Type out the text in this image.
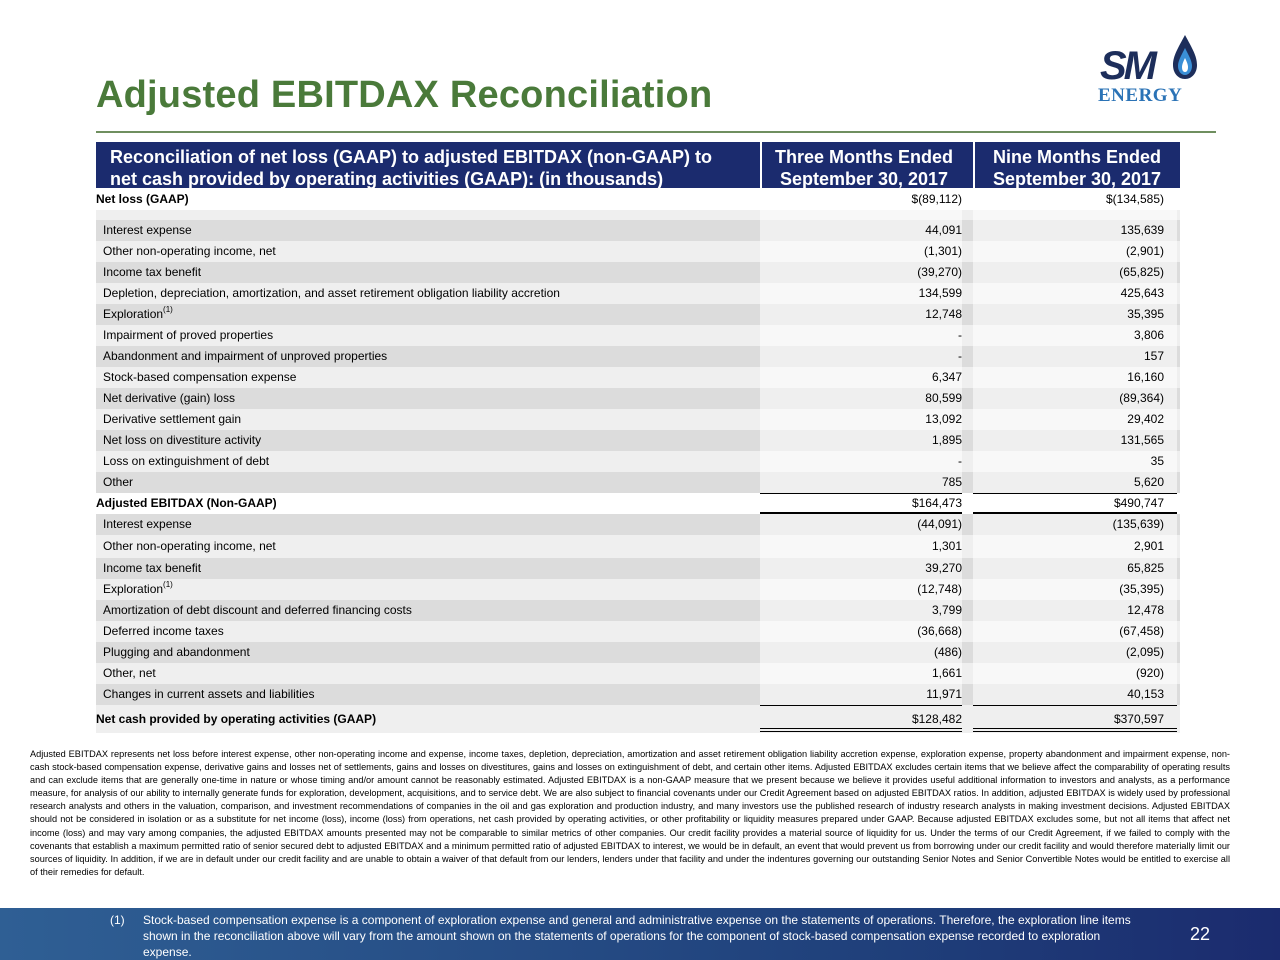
Adjusted EBITDAX Reconciliation
SM
ENERGY
Reconciliation of net loss (GAAP) to adjusted EBITDAX (non-GAAP) to
net cash provided by operating activities (GAAP): (in thousands)
Three Months Ended
September 30, 2017
Nine Months Ended
September 30, 2017
Net loss (GAAP)	$(89,112)	$(134,585)
Interest expense	44,091	135,639
Other non-operating income, net	(1,301)	(2,901)
Income tax benefit	(39,270)	(65,825)
Depletion, depreciation, amortization, and asset retirement obligation liability accretion	134,599	425,643
Exploration$^{(1)}$	12,748	35,395
Impairment of proved properties	-	3,806
Abandonment and impairment of unproved properties	-	157
Stock-based compensation expense	6,347	16,160
Net derivative (gain) loss	80,599	(89,364)
Derivative settlement gain	13,092	29,402
Net loss on divestiture activity	1,895	131,565
Loss on extinguishment of debt	-	35
Other	785	5,620
Adjusted EBITDAX (Non-GAAP)	$164,473	$490,747
Interest expense	(44,091)	(135,639)
Other non-operating income, net	1,301	2,901
Income tax benefit	39,270	65,825
Exploration$^{(1)}$	(12,748)	(35,395)
Amortization of debt discount and deferred financing costs	3,799	12,478
Deferred income taxes	(36,668)	(67,458)
Plugging and abandonment	(486)	(2,095)
Other, net	1,661	(920)
Changes in current assets and liabilities	11,971	40,153
Net cash provided by operating activities (GAAP)	$128,482	$370,597
Adjusted EBITDAX represents net loss before interest expense, other non-operating income and expense, income taxes, depletion, depreciation, amortization and asset retirement obligation liability accretion expense, exploration expense, property abandonment and impairment expense, non-cash stock-based compensation expense, derivative gains and losses net of settlements, gains and losses on divestitures, gains and losses on extinguishment of debt, and certain other items. Adjusted EBITDAX excludes certain items that we believe affect the comparability of operating results and can exclude items that are generally one-time in nature or whose timing and/or amount cannot be reasonably estimated. Adjusted EBITDAX is a non-GAAP measure that we present because we believe it provides useful additional information to investors and analysts, as a performance measure, for analysis of our ability to internally generate funds for exploration, development, acquisitions, and to service debt. We are also subject to financial covenants under our Credit Agreement based on adjusted EBITDAX ratios. In addition, adjusted EBITDAX is widely used by professional research analysts and others in the valuation, comparison, and investment recommendations of companies in the oil and gas exploration and production industry, and many investors use the published research of industry research analysts in making investment decisions. Adjusted EBITDAX should not be considered in isolation or as a substitute for net income (loss), income (loss) from operations, net cash provided by operating activities, or other profitability or liquidity measures prepared under GAAP. Because adjusted EBITDAX excludes some, but not all items that affect net income (loss) and may vary among companies, the adjusted EBITDAX amounts presented may not be comparable to similar metrics of other companies. Our credit facility provides a material source of liquidity for us. Under the terms of our Credit Agreement, if we failed to comply with the covenants that establish a maximum permitted ratio of senior secured debt to adjusted EBITDAX and a minimum permitted ratio of adjusted EBITDAX to interest, we would be in default, an event that would prevent us from borrowing under our credit facility and would therefore materially limit our sources of liquidity. In addition, if we are in default under our credit facility and are unable to obtain a waiver of that default from our lenders, lenders under that facility and under the indentures governing our outstanding Senior Notes and Senior Convertible Notes would be entitled to exercise all of their remedies for default.
(1) Stock-based compensation expense is a component of exploration expense and general and administrative expense on the statements of operations. Therefore, the exploration line items shown in the reconciliation above will vary from the amount shown on the statements of operations for the component of stock-based compensation expense recorded to exploration expense.
22
